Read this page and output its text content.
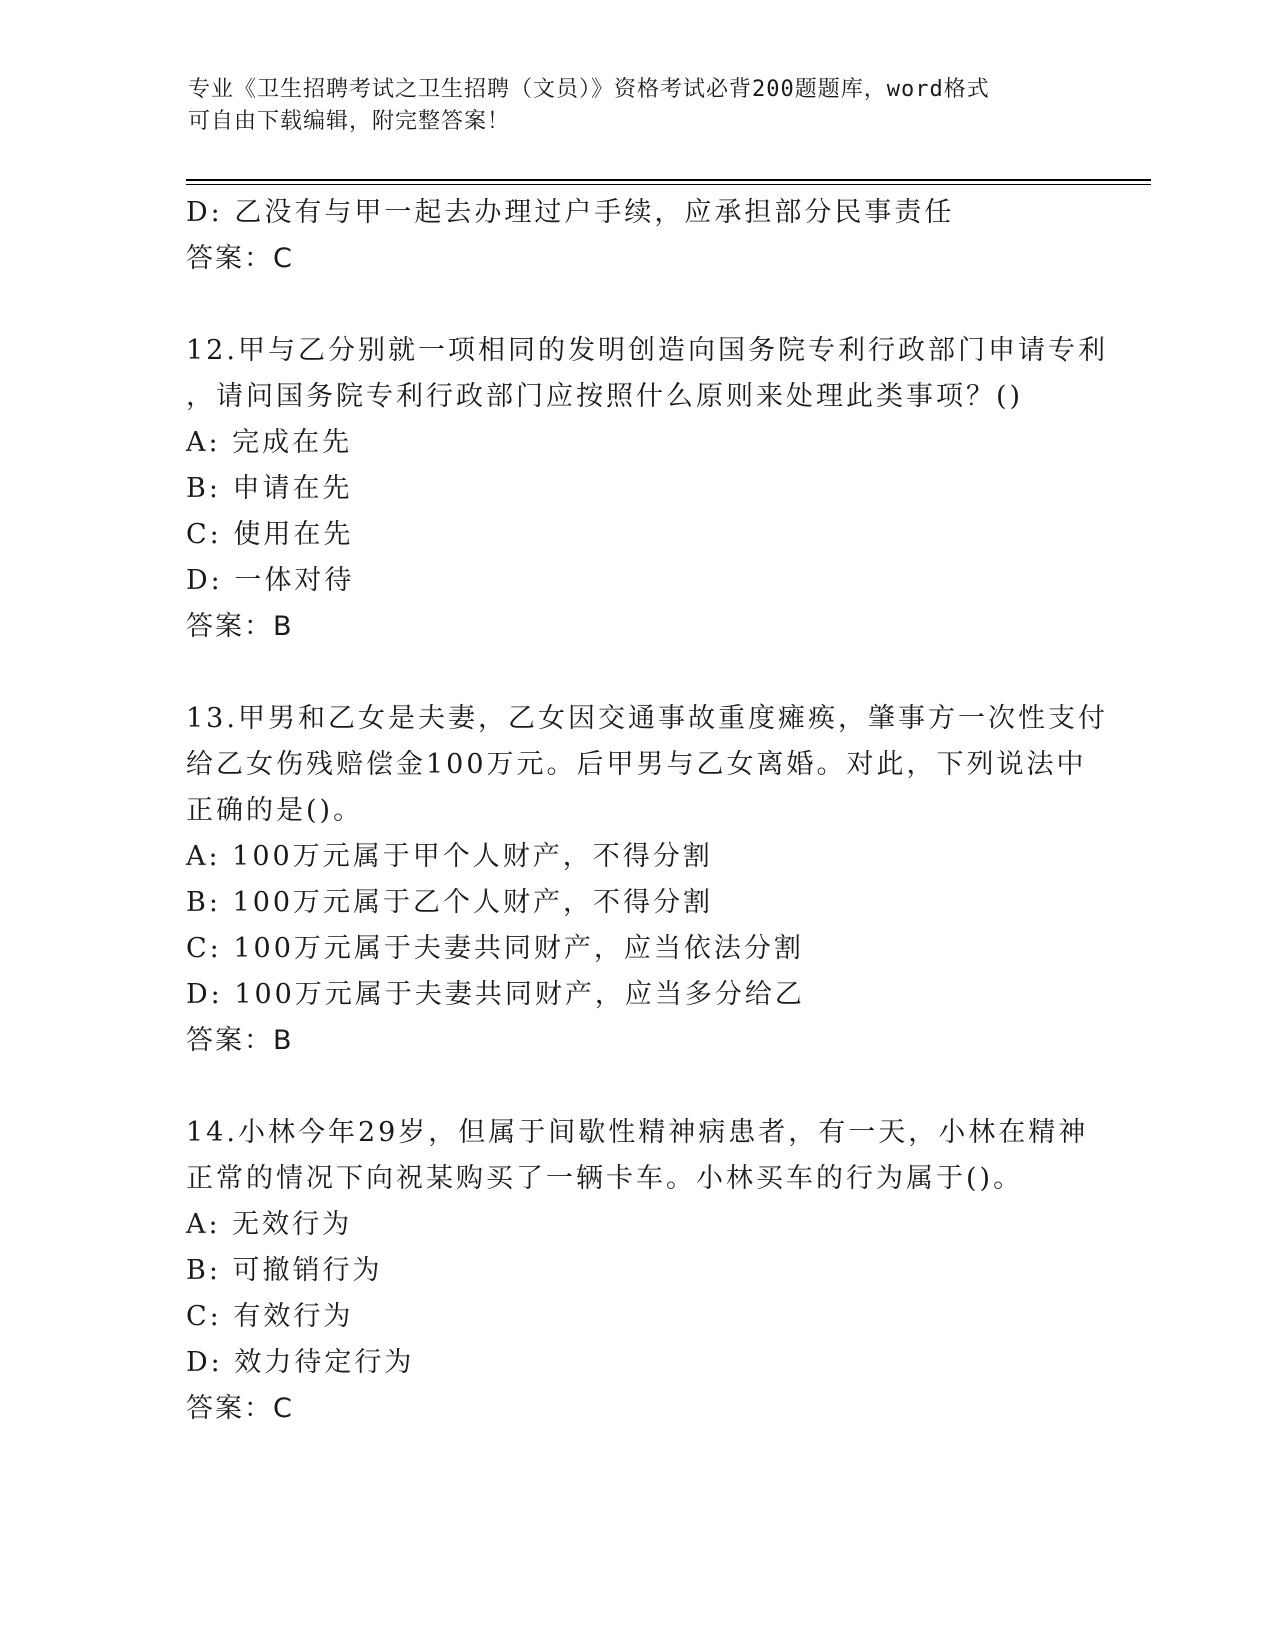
专业《卫生招聘考试之卫生招聘（文员）》资格考试必背200题题库，word格式
可自由下载编辑，附完整答案！
D: 乙没有与甲一起去办理过户手续，应承担部分民事责任
答案：C
12.甲与乙分别就一项相同的发明创造向国务院专利行政部门申请专利
，请问国务院专利行政部门应按照什么原则来处理此类事项？()
A: 完成在先
B: 申请在先
C: 使用在先
D: 一体对待
答案：B
13.甲男和乙女是夫妻，乙女因交通事故重度瘫痪，肇事方一次性支付
给乙女伤残赔偿金100万元。后甲男与乙女离婚。对此，下列说法中
正确的是()。
A: 100万元属于甲个人财产，不得分割
B: 100万元属于乙个人财产，不得分割
C: 100万元属于夫妻共同财产，应当依法分割
D: 100万元属于夫妻共同财产，应当多分给乙
答案：B
14.小林今年29岁，但属于间歇性精神病患者，有一天，小林在精神
正常的情况下向祝某购买了一辆卡车。小林买车的行为属于()。
A: 无效行为
B: 可撤销行为
C: 有效行为
D: 效力待定行为
答案：C
